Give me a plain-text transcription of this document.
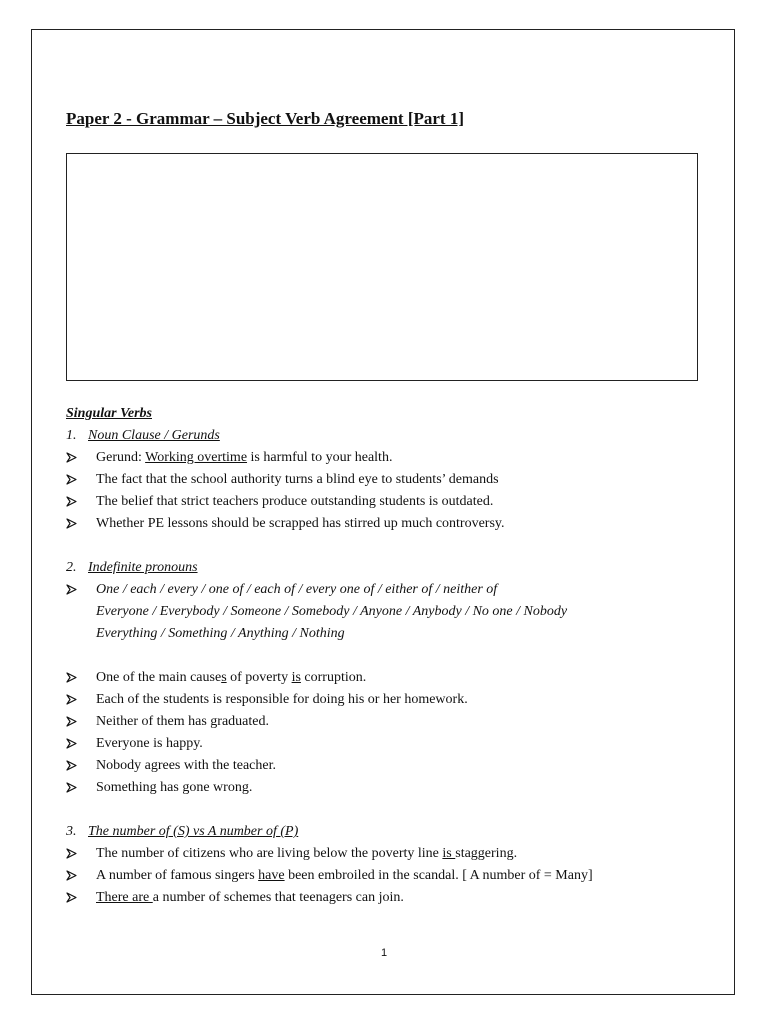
Paper 2 - Grammar – Subject Verb Agreement [Part 1]
Singular Verbs
1. Noun Clause / Gerunds
Gerund: Working overtime is harmful to your health.
The fact that the school authority turns a blind eye to students’ demands
The belief that strict teachers produce outstanding students is outdated.
Whether PE lessons should be scrapped has stirred up much controversy.
2. Indefinite pronouns
One / each / every / one of / each of / every one of / either of / neither of
Everyone / Everybody / Someone / Somebody / Anyone / Anybody / No one / Nobody
Everything / Something / Anything / Nothing
One of the main causes of poverty is corruption.
Each of the students is responsible for doing his or her homework.
Neither of them has graduated.
Everyone is happy.
Nobody agrees with the teacher.
Something has gone wrong.
3. The number of (S) vs A number of (P)
The number of citizens who are living below the poverty line is staggering.
A number of famous singers have been embroiled in the scandal. [ A number of = Many]
There are a number of schemes that teenagers can join.
1
